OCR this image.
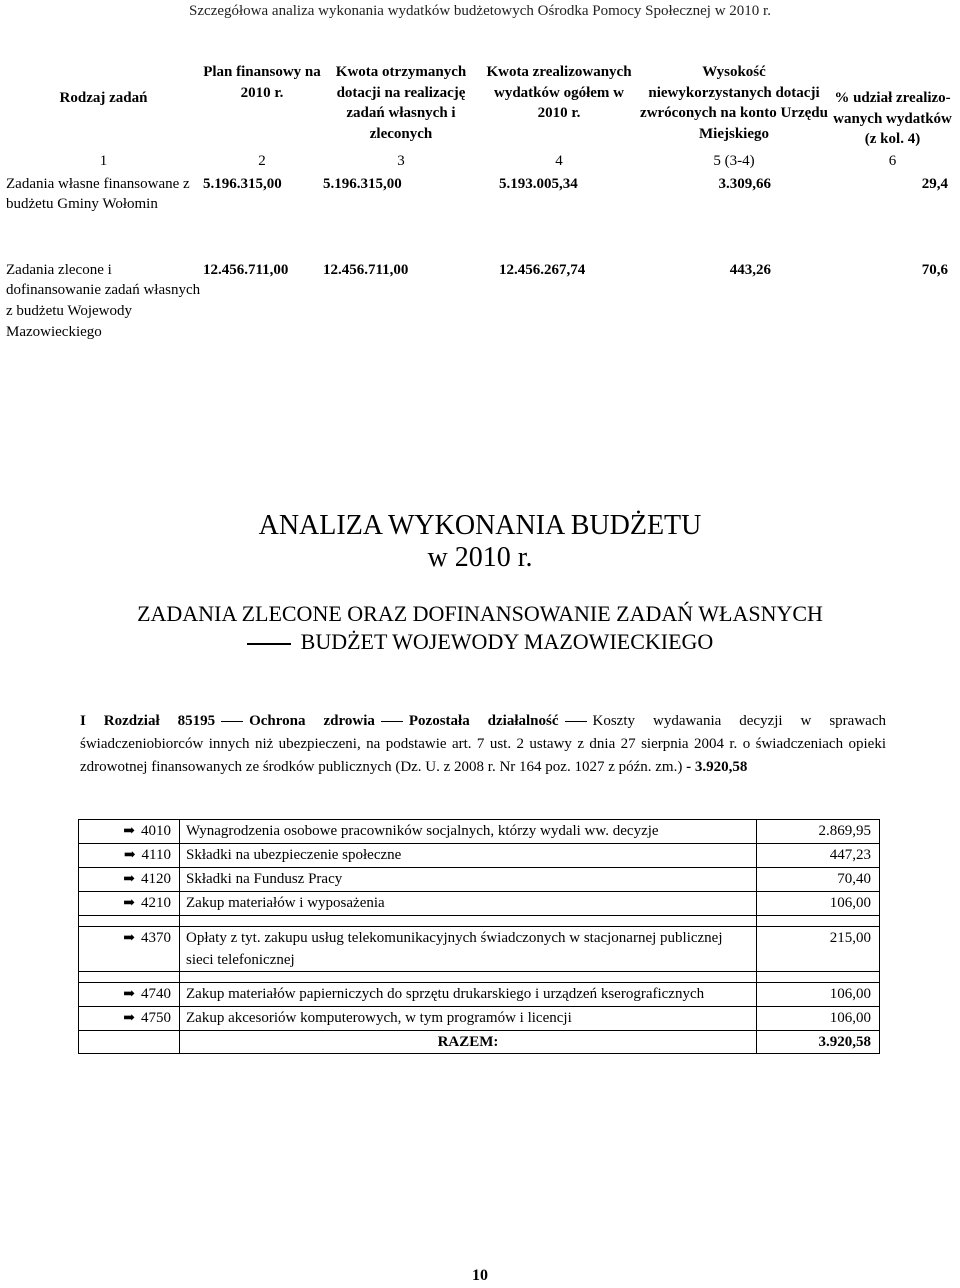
Szczegółowa analiza wykonania wydatków budżetowych Ośrodka Pomocy Społecznej w 2010 r.
Rodzaj zadań	Plan finansowy na 2010 r.	Kwota otrzymanych dotacji na realizację zadań własnych i zleconych	Kwota zrealizowanych wydatków ogółem w 2010 r.	Wysokość niewykorzystanych dotacji zwróconych na konto Urzędu Miejskiego	% udział zrealizo-wanych wydatków (z kol. 4)
1	2	3	4	5 (3-4)	6
Zadania własne finansowane z budżetu Gminy Wołomin	5.196.315,00	5.196.315,00	5.193.005,34	3.309,66	29,4
Zadania zlecone i dofinansowanie zadań własnych z budżetu Wojewody Mazowieckiego	12.456.711,00	12.456.711,00	12.456.267,74	443,26	70,6
ANALIZA WYKONANIA BUDŻETU
w 2010 r.
ZADANIA ZLECONE ORAZ DOFINANSOWANIE ZADAŃ WŁASNYCH
BUDŻET WOJEWODY MAZOWIECKIEGO
I Rozdział 85195 Ochrona zdrowia Pozostała działalność Koszty wydawania decyzji w sprawach świadczeniobiorców innych niż ubezpieczeni, na podstawie art. 7 ust. 2 ustawy z dnia 27 sierpnia 2004 r. o świadczeniach opieki zdrowotnej finansowanych ze środków publicznych (Dz. U. z 2008 r. Nr 164 poz. 1027 z późn. zm.) - 3.920,58
➡ 4010	Wynagrodzenia osobowe pracowników socjalnych, którzy wydali ww. decyzje	2.869,95
➡ 4110	Składki na ubezpieczenie społeczne	447,23
➡ 4120	Składki na Fundusz Pracy	70,40
➡ 4210	Zakup materiałów i wyposażenia	106,00

➡ 4370	Opłaty z tyt. zakupu usług telekomunikacyjnych świadczonych w stacjonarnej publicznej sieci telefonicznej	215,00

➡ 4740	Zakup materiałów papierniczych do sprzętu drukarskiego i urządzeń kserograficznych	106,00
➡ 4750	Zakup akcesoriów komputerowych, w tym programów i licencji	106,00
	RAZEM:	3.920,58
10
